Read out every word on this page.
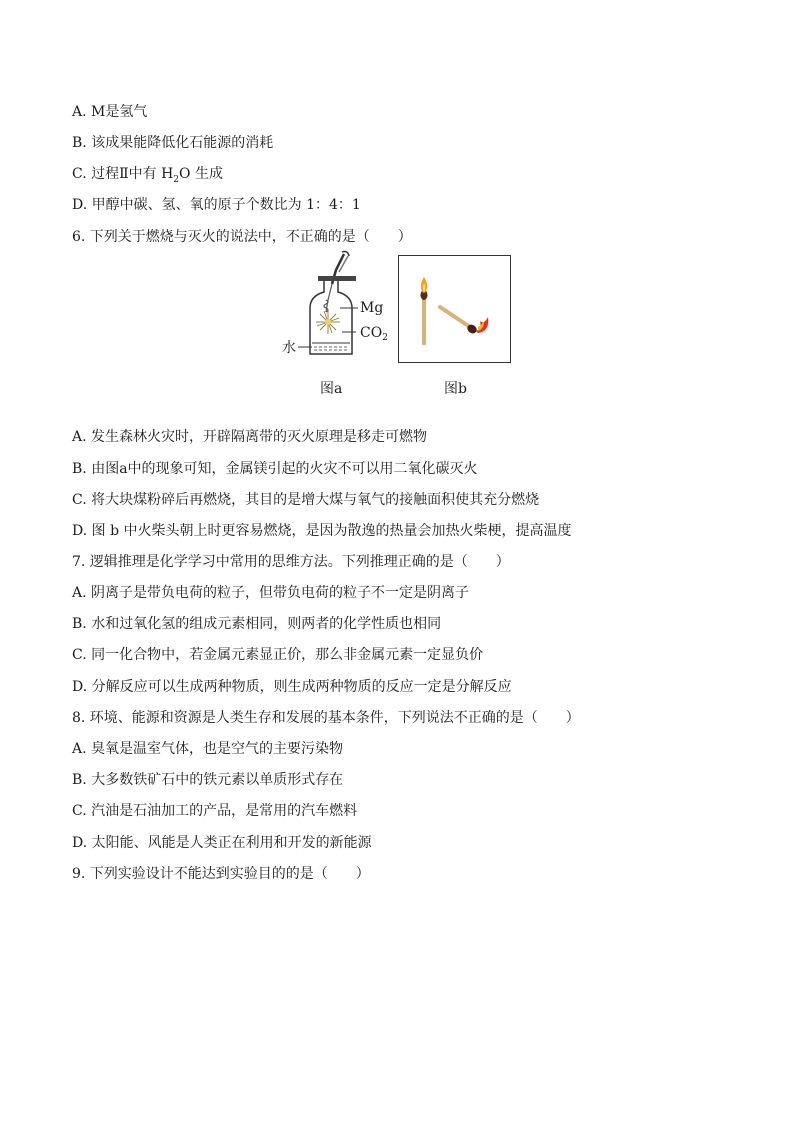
A. M是氢气
B. 该成果能降低化石能源的消耗
C. 过程Ⅱ中有 $H_2O$ 生成
D. 甲醇中碳、氢、氧的原子个数比为 1：4：1
6. 下列关于燃烧与灭火的说法中，不正确的是（　　）
Mg
$CO_2$
水
图a	图b
A. 发生森林火灾时，开辟隔离带的灭火原理是移走可燃物
B. 由图a中的现象可知，金属镁引起的火灾不可以用二氧化碳灭火
C. 将大块煤粉碎后再燃烧，其目的是增大煤与氧气的接触面积使其充分燃烧
D. 图 b 中火柴头朝上时更容易燃烧，是因为散逸的热量会加热火柴梗，提高温度
7. 逻辑推理是化学学习中常用的思维方法。下列推理正确的是（　　）
A. 阴离子是带负电荷的粒子，但带负电荷的粒子不一定是阴离子
B. 水和过氧化氢的组成元素相同，则两者的化学性质也相同
C. 同一化合物中，若金属元素显正价，那么非金属元素一定显负价
D. 分解反应可以生成两种物质，则生成两种物质的反应一定是分解反应
8. 环境、能源和资源是人类生存和发展的基本条件，下列说法不正确的是（　　）
A. 臭氧是温室气体，也是空气的主要污染物
B. 大多数铁矿石中的铁元素以单质形式存在
C. 汽油是石油加工的产品，是常用的汽车燃料
D. 太阳能、风能是人类正在利用和开发的新能源
9. 下列实验设计不能达到实验目的的是（　　）
